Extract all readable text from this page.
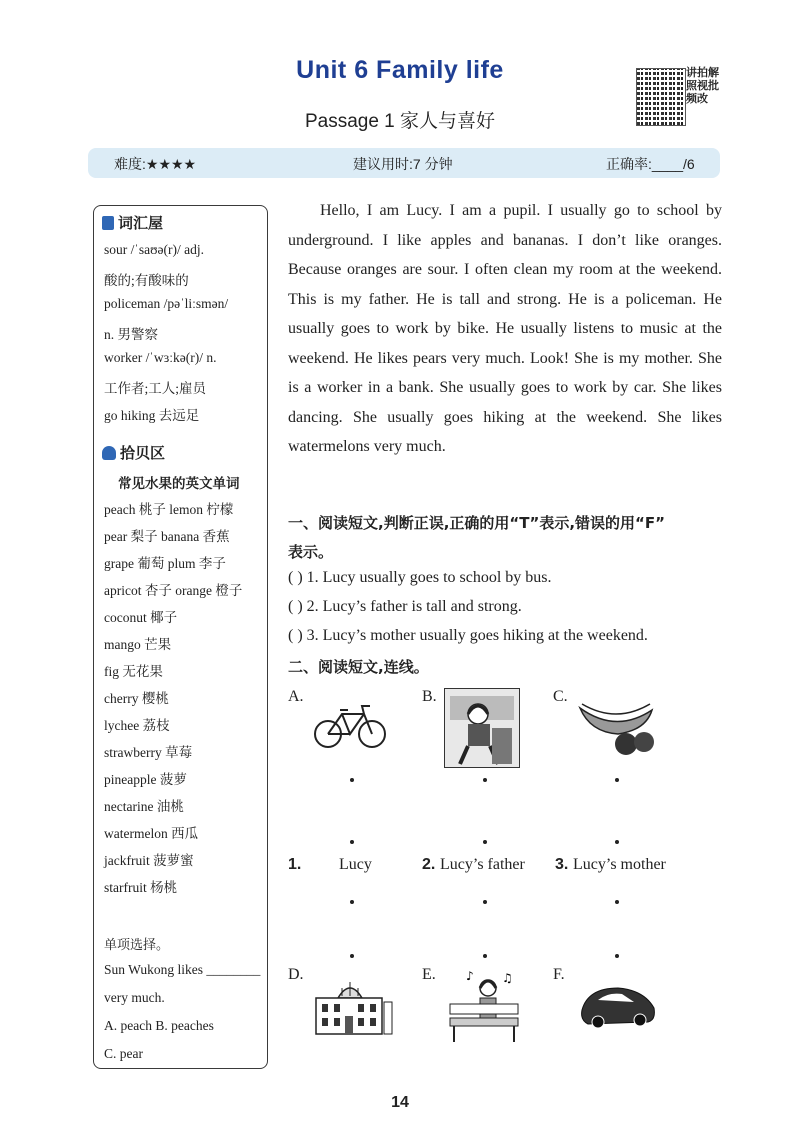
Unit 6 Family life
Passage 1 家人与喜好
讲拍解照视批频改
难度:★★★★	建议用时:7 分钟	正确率:____/6
词汇屋
sour /ˈsaʊə(r)/ adj.
酸的;有酸味的
policeman /pəˈliːsmən/
n. 男警察
worker /ˈwɜːkə(r)/ n.
工作者;工人;雇员
go hiking 去远足
拾贝区
常见水果的英文单词
peach 桃子 lemon 柠檬
pear 梨子 banana 香蕉
grape 葡萄 plum 李子
apricot 杏子 orange 橙子
coconut 椰子
mango 芒果
fig 无花果
cherry 樱桃
lychee 荔枝
strawberry 草莓
pineapple 菠萝
nectarine 油桃
watermelon 西瓜
jackfruit 菠萝蜜
starfruit 杨桃
单项选择。
Sun Wukong likes ________
very much.
A. peach B. peaches
C. pear
Hello, I am Lucy. I am a pupil. I usually go to school by underground. I like apples and bananas. I don’t like oranges. Because oranges are sour. I often clean my room at the weekend. This is my father. He is tall and strong. He is a policeman. He usually goes to work by bike. He usually listens to music at the weekend. He likes pears very much. Look! She is my mother. She is a worker in a bank. She usually goes to work by car. She likes dancing. She usually goes hiking at the weekend. She likes watermelons very much.
一、阅读短文,判断正误,正确的用“T”表示,错误的用“F”
表示。
( ) 1. Lucy usually goes to school by bus.
( ) 2. Lucy’s father is tall and strong.
( ) 3. Lucy’s mother usually goes hiking at the weekend.
二、阅读短文,连线。
A.	B.	C.
1. Lucy	2. Lucy’s father 3. Lucy’s mother
D.	E.	F.
♪ ♫
14
